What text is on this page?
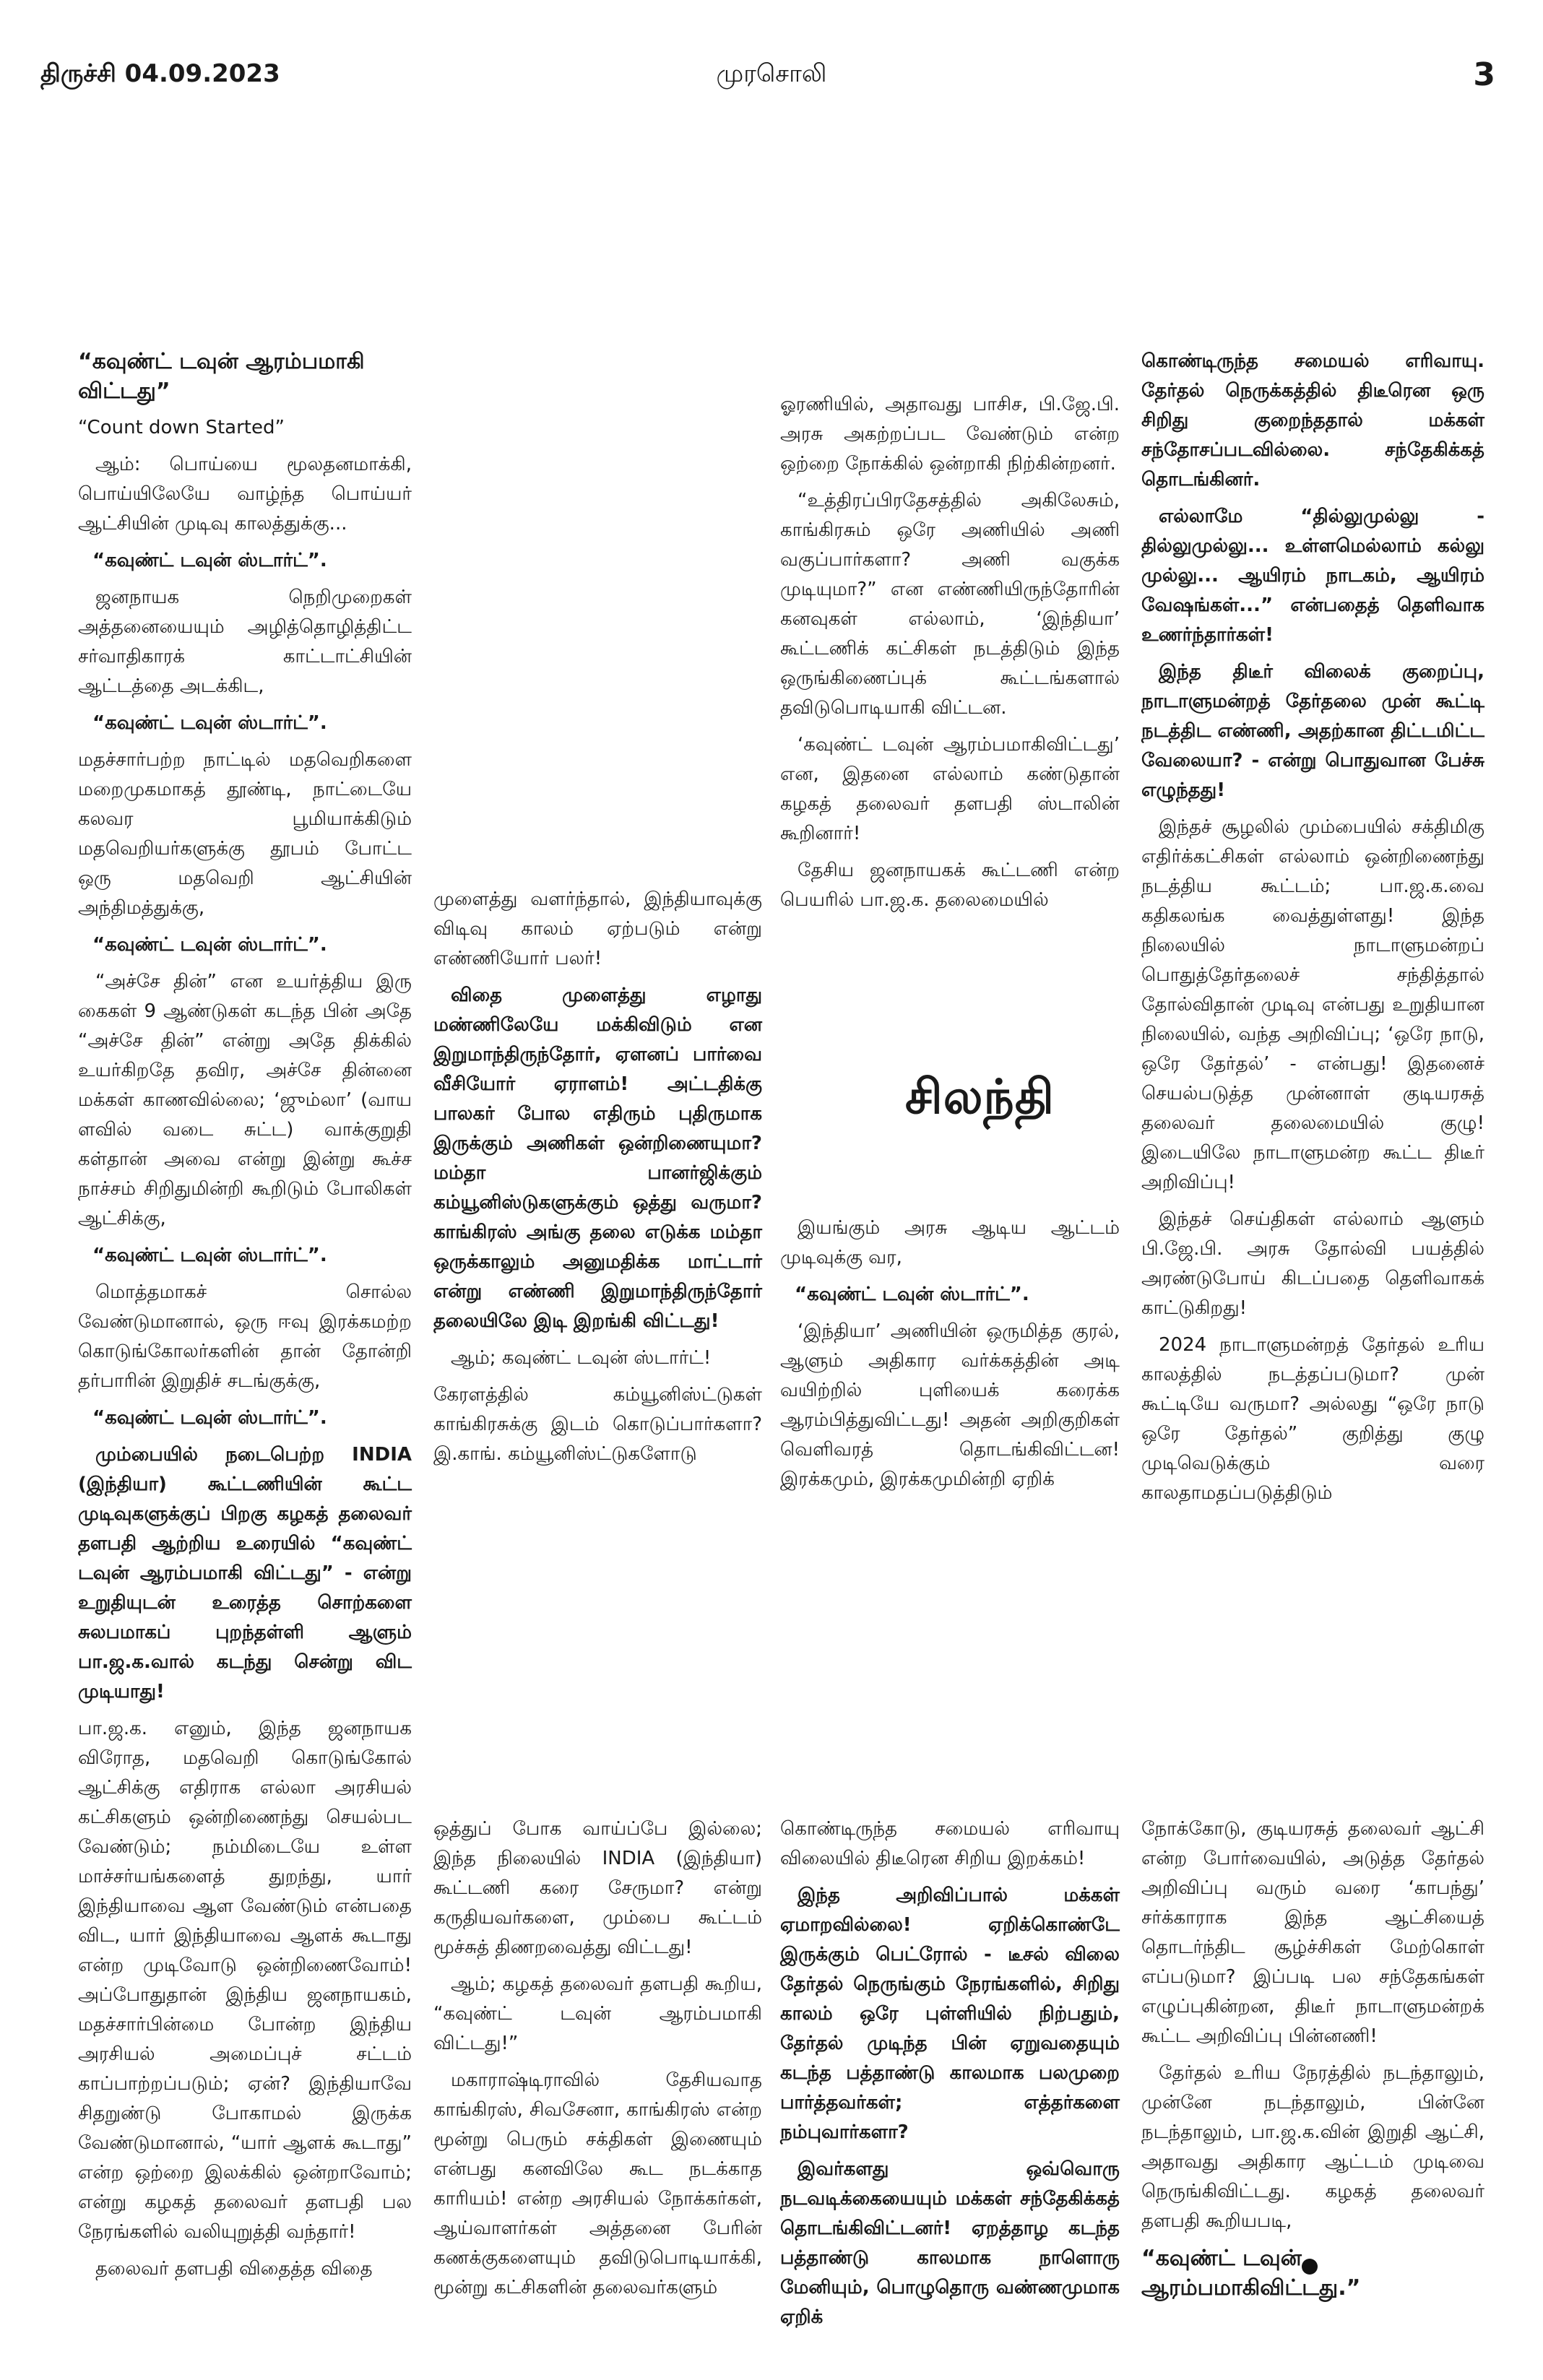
திருச்சி 04.09.2023	முரசொலி	3

“கவுண்ட் டவுன் ஆரம்பமாகி விட்டது”

“Count down Started”

ஆம்: பொய்யை மூலதனமாக்கி, பொய்யிலேயே வாழ்ந்த பொய்யர் ஆட்சியின் முடிவு காலத்துக்கு...

“கவுண்ட் டவுன் ஸ்டார்ட்”.

ஜனநாயக நெறிமுறைகள் அத்தனையையும் அழித்தொழித்திட்ட சர்வாதிகாரக் காட்டாட்சியின் ஆட்டத்தை அடக்கிட,

“கவுண்ட் டவுன் ஸ்டார்ட்”.

மதச்சார்பற்ற நாட்டில் மதவெறிகளை மறைமுகமாகத் தூண்டி, நாட்டையே கலவர பூமியாக்கிடும் மதவெறியர்களுக்கு தூபம் போட்ட ஒரு மதவெறி ஆட்சியின் அந்திமத்துக்கு,

“கவுண்ட் டவுன் ஸ்டார்ட்”.

“அச்சே தின்” என உயர்த்திய இரு கைகள் 9 ஆண்டுகள் கடந்த பின் அதே “அச்சே தின்” என்று அதே திக்கில் உயர்கிறதே தவிர, அச்சே தின்னை மக்கள் காணவில்லை; ‘ஜும்லா’ (வாய ளவில் வடை சுட்ட) வாக்குறுதி கள்தான் அவை என்று இன்று கூச்ச நாச்சம் சிறிதுமின்றி கூறிடும் போலிகள் ஆட்சிக்கு,

“கவுண்ட் டவுன் ஸ்டார்ட்”.

மொத்தமாகச் சொல்ல வேண்டுமானால், ஒரு ஈவு இரக்கமற்ற கொடுங்கோலர்களின் தான் தோன்றி தர்பாரின் இறுதிச் சடங்குக்கு,

“கவுண்ட் டவுன் ஸ்டார்ட்”.

மும்பையில் நடைபெற்ற INDIA (இந்தியா) கூட்டணியின் கூட்ட முடிவுகளுக்குப் பிறகு கழகத் தலைவர் தளபதி ஆற்றிய உரையில் “கவுண்ட் டவுன் ஆரம்பமாகி விட்டது” - என்று உறுதியுடன் உரைத்த சொற்களை சுலபமாகப் புறந்தள்ளி ஆளும் பா.ஜ.க.வால் கடந்து சென்று விட முடியாது!

பா.ஜ.க. எனும், இந்த ஜனநாயக விரோத, மதவெறி கொடுங்கோல் ஆட்சிக்கு எதிராக எல்லா அரசியல் கட்சிகளும் ஒன்றிணைந்து செயல்பட வேண்டும்; நம்மிடையே உள்ள மாச்சர்யங்களைத் துறந்து, யார் இந்தியாவை ஆள வேண்டும் என்பதை விட, யார் இந்தியாவை ஆளக் கூடாது என்ற முடிவோடு ஒன்றிணைவோம்! அப்போதுதான் இந்திய ஜனநாயகம், மதச்சார்பின்மை போன்ற இந்திய அரசியல் அமைப்புச் சட்டம் காப்பாற்றப்படும்; ஏன்? இந்தியாவே சிதறுண்டு போகாமல் இருக்க வேண்டுமானால், “யார் ஆளக் கூடாது” என்ற ஒற்றை இலக்கில் ஒன்றாவோம்; என்று கழகத் தலைவர் தளபதி பல நேரங்களில் வலியுறுத்தி வந்தார்!

தலைவர் தளபதி விதைத்த விதை

முளைத்து வளர்ந்தால், இந்தியாவுக்கு விடிவு காலம் ஏற்படும் என்று எண்ணியோர் பலர்!

விதை முளைத்து எழாது மண்ணிலேயே மக்கிவிடும் என இறுமாந்திருந்தோர், ஏளனப் பார்வை வீசியோர் ஏராளம்! அட்டதிக்கு பாலகர் போல எதிரும் புதிருமாக இருக்கும் அணிகள் ஒன்றிணையுமா? மம்தா பானர்ஜிக்கும் கம்யூனிஸ்டுகளுக்கும் ஒத்து வருமா? காங்கிரஸ் அங்கு தலை எடுக்க மம்தா ஒருக்காலும் அனுமதிக்க மாட்டார் என்று எண்ணி இறுமாந்திருந்தோர் தலையிலே இடி இறங்கி விட்டது!

ஆம்; கவுண்ட் டவுன் ஸ்டார்ட்!

கேரளத்தில் கம்யூனிஸ்ட்டுகள் காங்கிரசுக்கு இடம் கொடுப்பார்களா? இ.காங். கம்யூனிஸ்ட்டுகளோடு

ஓரணியில், அதாவது பாசிச, பி.ஜே.பி. அரசு அகற்றப்பட வேண்டும் என்ற ஒற்றை நோக்கில் ஒன்றாகி நிற்கின்றனர்.

“உத்திரப்பிரதேசத்தில் அகிலேசும், காங்கிரசும் ஒரே அணியில் அணி வகுப்பார்களா? அணி வகுக்க முடியுமா?” என எண்ணியிருந்தோரின் கனவுகள் எல்லாம், ‘இந்தியா’ கூட்டணிக் கட்சிகள் நடத்திடும் இந்த ஒருங்கிணைப்புக் கூட்டங்களால் தவிடுபொடியாகி விட்டன.

‘கவுண்ட் டவுன் ஆரம்பமாகிவிட்டது’ என, இதனை எல்லாம் கண்டுதான் கழகத் தலைவர் தளபதி ஸ்டாலின் கூறினார்!

தேசிய ஜனநாயகக் கூட்டணி என்ற பெயரில் பா.ஜ.க. தலைமையில்

சிலந்தி

இயங்கும் அரசு ஆடிய ஆட்டம் முடிவுக்கு வர,

“கவுண்ட் டவுன் ஸ்டார்ட்”.

‘இந்தியா’ அணியின் ஒருமித்த குரல், ஆளும் அதிகார வர்க்கத்தின் அடி வயிற்றில் புளியைக் கரைக்க ஆரம்பித்துவிட்டது! அதன் அறிகுறிகள் வெளிவரத் தொடங்கிவிட்டன! இரக்கமும், இரக்கமுமின்றி ஏறிக்

கொண்டிருந்த சமையல் எரிவாயு. தேர்தல் நெருக்கத்தில் திடீரென ஒரு சிறிது குறைந்ததால் மக்கள் சந்தோசப்படவில்லை. சந்தேகிக்கத் தொடங்கினர்.

எல்லாமே “தில்லுமுல்லு - தில்லுமுல்லு... உள்ளமெல்லாம் கல்லு முல்லு... ஆயிரம் நாடகம், ஆயிரம் வேஷங்கள்...” என்பதைத் தெளிவாக உணர்ந்தார்கள்!

இந்த திடீர் விலைக் குறைப்பு, நாடாளுமன்றத் தேர்தலை முன் கூட்டி நடத்திட எண்ணி, அதற்கான திட்டமிட்ட வேலையா? - என்று பொதுவான பேச்சு எழுந்தது!

இந்தச் சூழலில் மும்பையில் சக்திமிகு எதிர்க்கட்சிகள் எல்லாம் ஒன்றிணைந்து நடத்திய கூட்டம்; பா.ஜ.க.வை கதிகலங்க வைத்துள்ளது! இந்த நிலையில் நாடாளுமன்றப் பொதுத்தேர்தலைச் சந்தித்தால் தோல்விதான் முடிவு என்பது உறுதியான நிலையில், வந்த அறிவிப்பு; ‘ஒரே நாடு, ஒரே தேர்தல்’ - என்பது! இதனைச் செயல்படுத்த முன்னாள் குடியரசுத் தலைவர் தலைமையில் குழு! இடையிலே நாடாளுமன்ற கூட்ட திடீர் அறிவிப்பு!

இந்தச் செய்திகள் எல்லாம் ஆளும் பி.ஜே.பி. அரசு தோல்வி பயத்தில் அரண்டுபோய் கிடப்பதை தெளிவாகக் காட்டுகிறது!

2024 நாடாளுமன்றத் தேர்தல் உரிய காலத்தில் நடத்தப்படுமா? முன் கூட்டியே வருமா? அல்லது “ஒரே நாடு ஒரே தேர்தல்” குறித்து குழு முடிவெடுக்கும் வரை காலதாமதப்படுத்திடும்

ஒத்துப் போக வாய்ப்பே இல்லை; இந்த நிலையில் INDIA (இந்தியா) கூட்டணி கரை சேருமா? என்று கருதியவர்களை, மும்பை கூட்டம் மூச்சுத் திணறவைத்து விட்டது!

ஆம்; கழகத் தலைவர் தளபதி கூறிய, “கவுண்ட் டவுன் ஆரம்பமாகி விட்டது!”

மகாராஷ்டிராவில் தேசியவாத காங்கிரஸ், சிவசேனா, காங்கிரஸ் என்ற மூன்று பெரும் சக்திகள் இணையும் என்பது கனவிலே கூட நடக்காத காரியம்! என்ற அரசியல் நோக்கர்கள், ஆய்வாளர்கள் அத்தனை பேரின் கணக்குகளையும் தவிடுபொடியாக்கி, மூன்று கட்சிகளின் தலைவர்களும்

கொண்டிருந்த சமையல் எரிவாயு விலையில் திடீரென சிறிய இறக்கம்!

இந்த அறிவிப்பால் மக்கள் ஏமாறவில்லை! ஏறிக்கொண்டே இருக்கும் பெட்ரோல் - டீசல் விலை தேர்தல் நெருங்கும் நேரங்களில், சிறிது காலம் ஒரே புள்ளியில் நிற்பதும், தேர்தல் முடிந்த பின் ஏறுவதையும் கடந்த பத்தாண்டு காலமாக பலமுறை பார்த்தவர்கள்; எத்தர்களை நம்புவார்களா?

இவர்களது ஒவ்வொரு நடவடிக்கையையும் மக்கள் சந்தேகிக்கத் தொடங்கிவிட்டனர்! ஏறத்தாழ கடந்த பத்தாண்டு காலமாக நாளொரு மேனியும், பொழுதொரு வண்ணமுமாக ஏறிக்

நோக்கோடு, குடியரசுத் தலைவர் ஆட்சி என்ற போர்வையில், அடுத்த தேர்தல் அறிவிப்பு வரும் வரை ‘காபந்து’ சர்க்காராக இந்த ஆட்சியைத் தொடர்ந்திட சூழ்ச்சிகள் மேற்கொள் எப்படுமா? இப்படி பல சந்தேகங்கள் எழுப்புகின்றன, திடீர் நாடாளுமன்றக் கூட்ட அறிவிப்பு பின்னணி!

தேர்தல் உரிய நேரத்தில் நடந்தாலும், முன்னே நடந்தாலும், பின்னே நடந்தாலும், பா.ஜ.க.வின் இறுதி ஆட்சி, அதாவது அதிகார ஆட்டம் முடிவை நெருங்கிவிட்டது. கழகத் தலைவர் தளபதி கூறியபடி,

“கவுண்ட் டவுன் ஆரம்பமாகிவிட்டது.”
